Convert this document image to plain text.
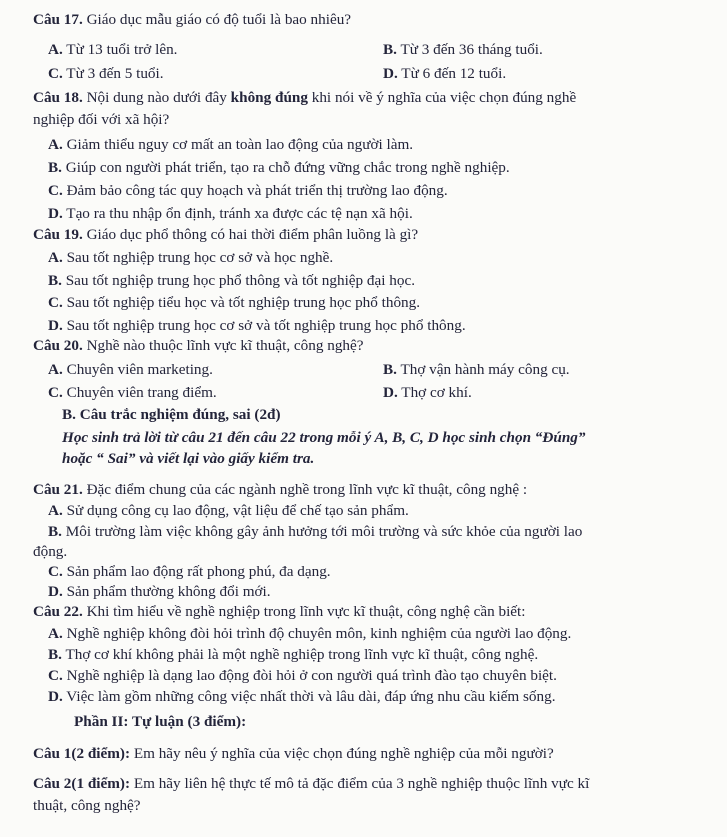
Câu 17. Giáo dục mẫu giáo có độ tuổi là bao nhiêu?
A. Từ 13 tuổi trở lên.	B. Từ 3 đến 36 tháng tuổi.
C. Từ 3 đến 5 tuổi.	D. Từ 6 đến 12 tuổi.
Câu 18. Nội dung nào dưới đây không đúng khi nói về ý nghĩa của việc chọn đúng nghề
nghiệp đối với xã hội?
A. Giảm thiểu nguy cơ mất an toàn lao động của người làm.
B. Giúp con người phát triển, tạo ra chỗ đứng vững chắc trong nghề nghiệp.
C. Đảm bảo công tác quy hoạch và phát triển thị trường lao động.
D. Tạo ra thu nhập ổn định, tránh xa được các tệ nạn xã hội.
Câu 19. Giáo dục phổ thông có hai thời điểm phân luồng là gì?
A. Sau tốt nghiệp trung học cơ sở và học nghề.
B. Sau tốt nghiệp trung học phổ thông và tốt nghiệp đại học.
C. Sau tốt nghiệp tiểu học và tốt nghiệp trung học phổ thông.
D. Sau tốt nghiệp trung học cơ sở và tốt nghiệp trung học phổ thông.
Câu 20. Nghề nào thuộc lĩnh vực kĩ thuật, công nghệ?
A. Chuyên viên marketing.	B. Thợ vận hành máy công cụ.
C. Chuyên viên trang điểm.	D. Thợ cơ khí.
B. Câu trắc nghiệm đúng, sai (2đ)
Học sinh trả lời từ câu 21 đến câu 22 trong mỗi ý A, B, C, D học sinh chọn “Đúng”
hoặc “ Sai” và viết lại vào giấy kiểm tra.
Câu 21. Đặc điểm chung của các ngành nghề trong lĩnh vực kĩ thuật, công nghệ :
A. Sử dụng công cụ lao động, vật liệu để chế tạo sản phẩm.
B. Môi trường làm việc không gây ảnh hưởng tới môi trường và sức khỏe của người lao
động.
C. Sản phẩm lao động rất phong phú, đa dạng.
D. Sản phẩm thường không đổi mới.
Câu 22. Khi tìm hiểu về nghề nghiệp trong lĩnh vực kĩ thuật, công nghệ cần biết:
A. Nghề nghiệp không đòi hỏi trình độ chuyên môn, kinh nghiệm của người lao động.
B. Thợ cơ khí không phải là một nghề nghiệp trong lĩnh vực kĩ thuật, công nghệ.
C. Nghề nghiệp là dạng lao động đòi hỏi ở con người quá trình đào tạo chuyên biệt.
D. Việc làm gồm những công việc nhất thời và lâu dài, đáp ứng nhu cầu kiếm sống.
Phần II: Tự luận (3 điểm):
Câu 1(2 điểm): Em hãy nêu ý nghĩa của việc chọn đúng nghề nghiệp của mỗi người?
Câu 2(1 điểm): Em hãy liên hệ thực tế mô tả đặc điểm của 3 nghề nghiệp thuộc lĩnh vực kĩ
thuật, công nghệ?
